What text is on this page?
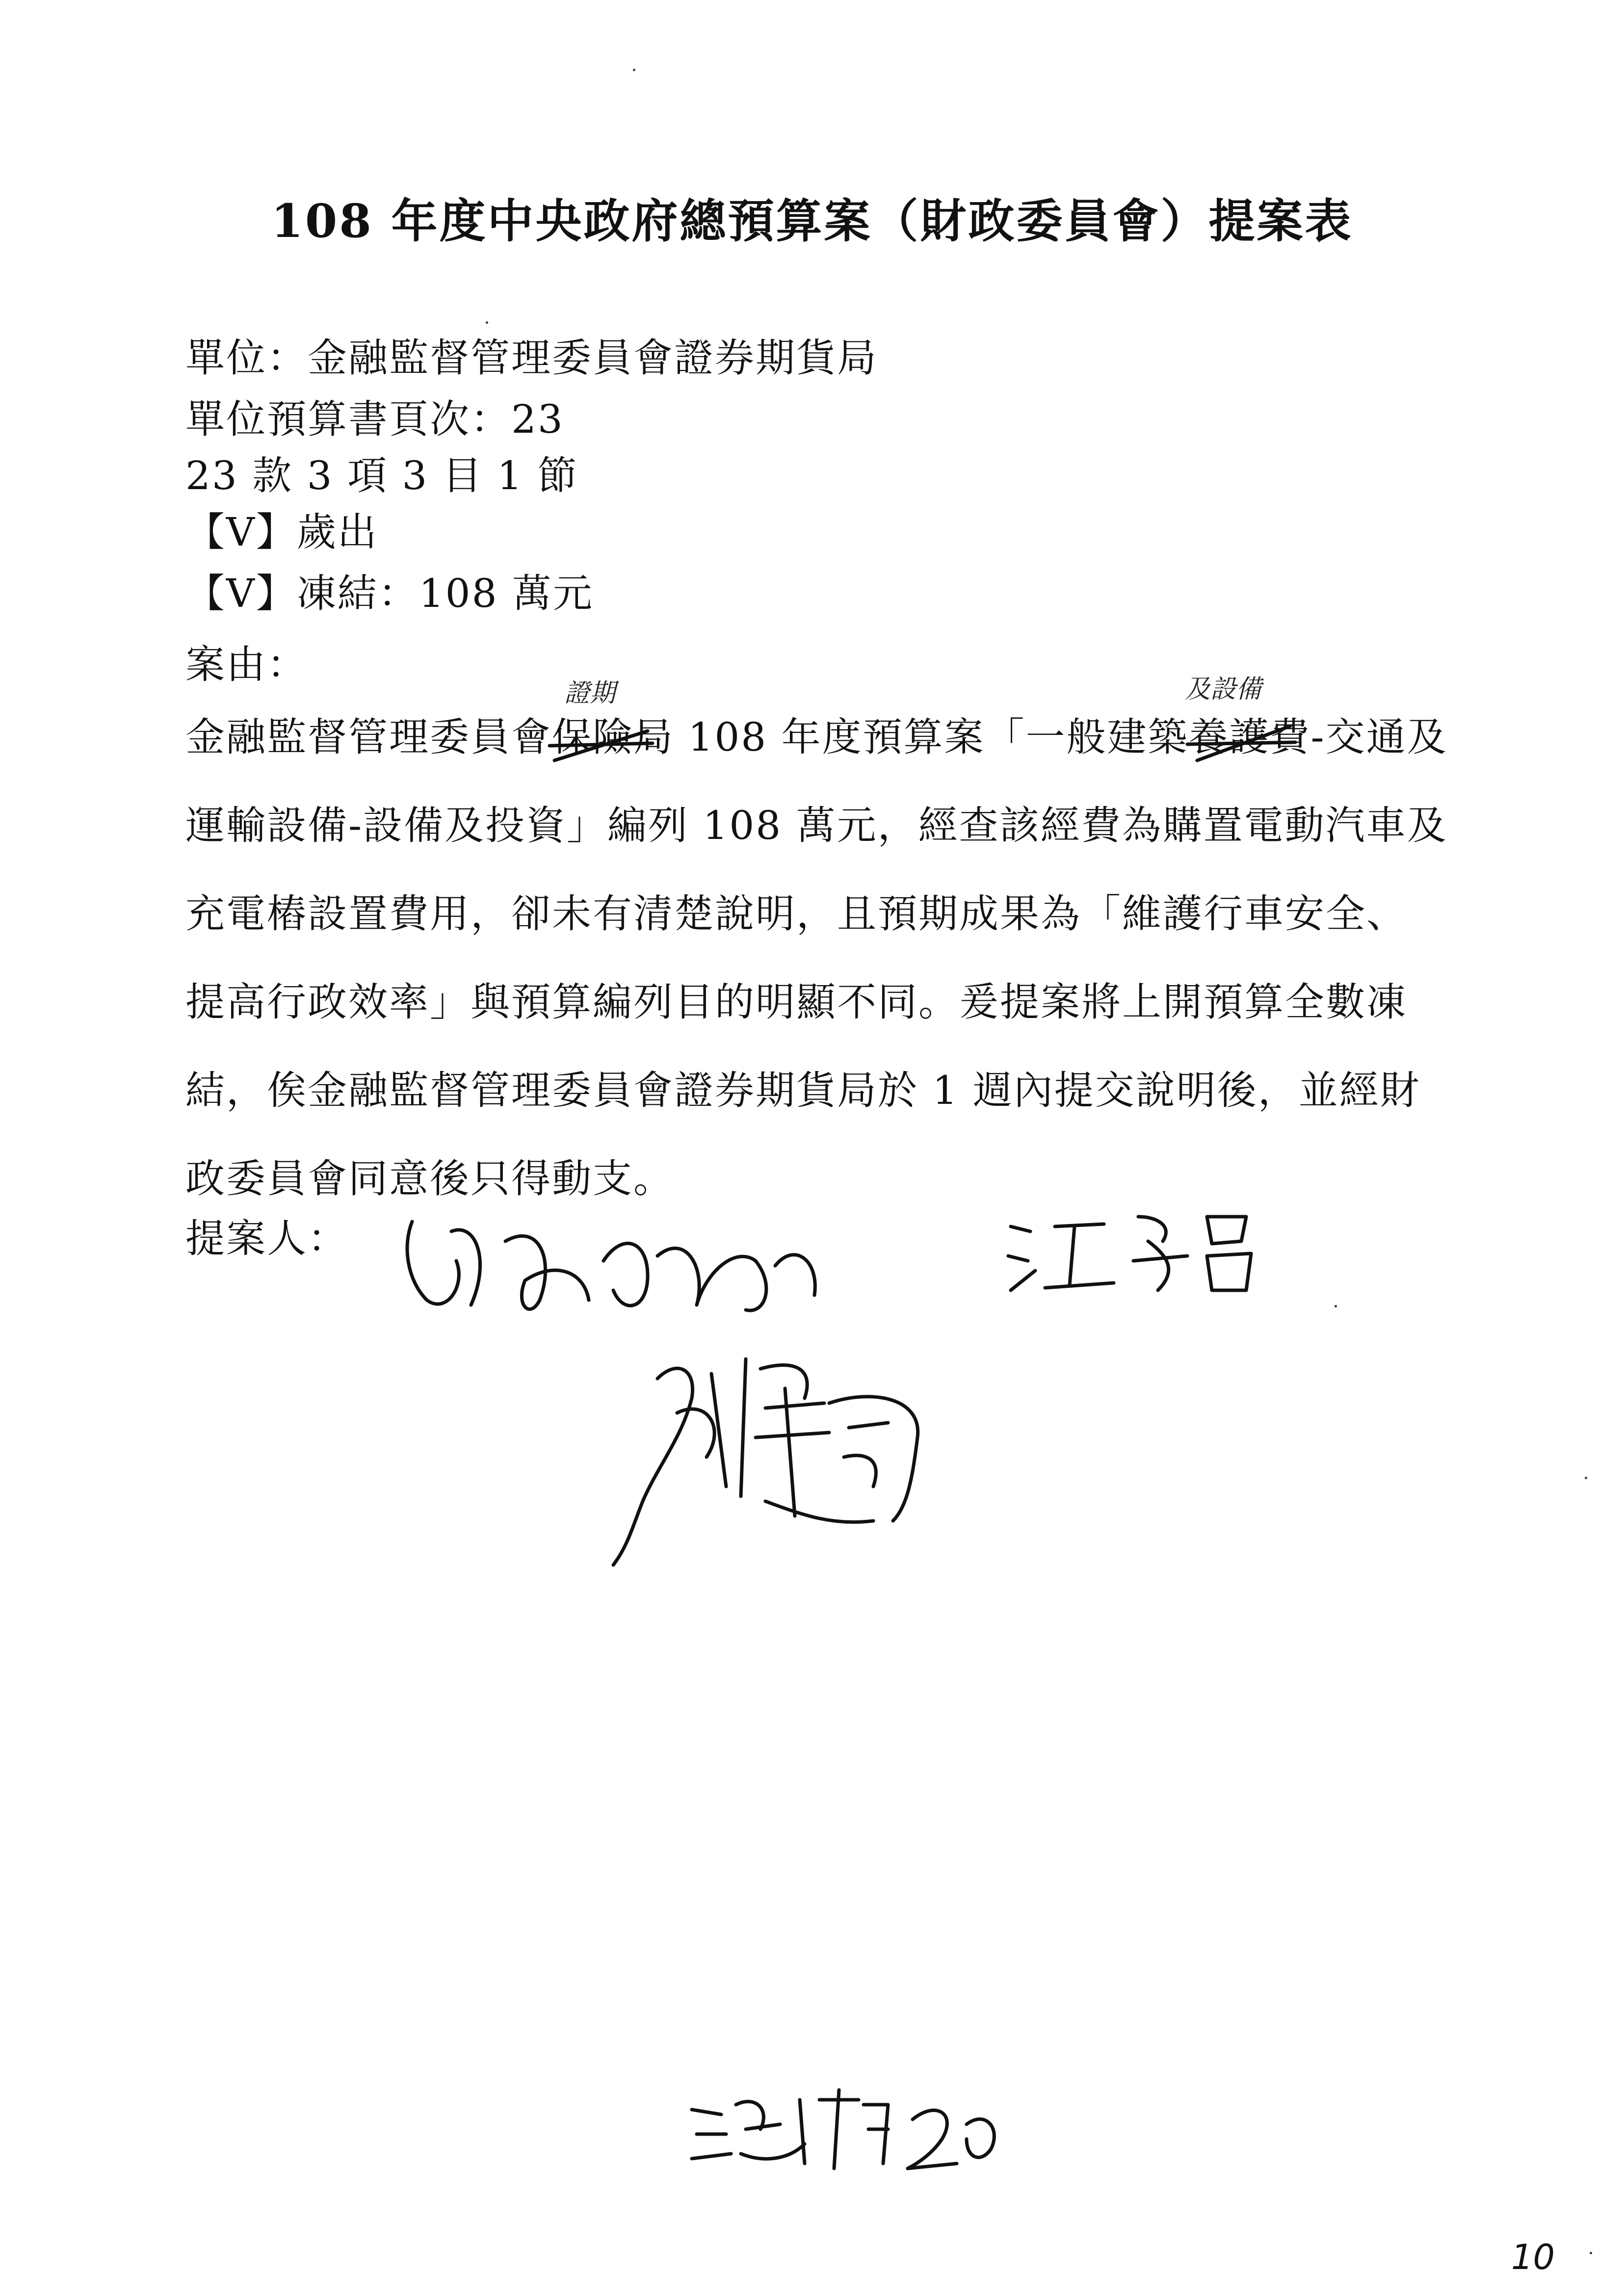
108 年度中央政府總預算案（財政委員會）提案表
單位：金融監督管理委員會證券期貨局
單位預算書頁次：23
23 款 3 項 3 目 1 節
【V】歲出
【V】凍結：108 萬元
案由：
金融監督管理委員會保險局 108 年度預算案「一般建築養護費-交通及
運輸設備-設備及投資」編列 108 萬元，經查該經費為購置電動汽車及
充電樁設置費用，卻未有清楚說明，且預期成果為「維護行車安全、
提高行政效率」與預算編列目的明顯不同。爰提案將上開預算全數凍
結，俟金融監督管理委員會證券期貨局於 1 週內提交說明後，並經財
政委員會同意後只得動支。
證期	及設備
提案人：
徐永明
10
